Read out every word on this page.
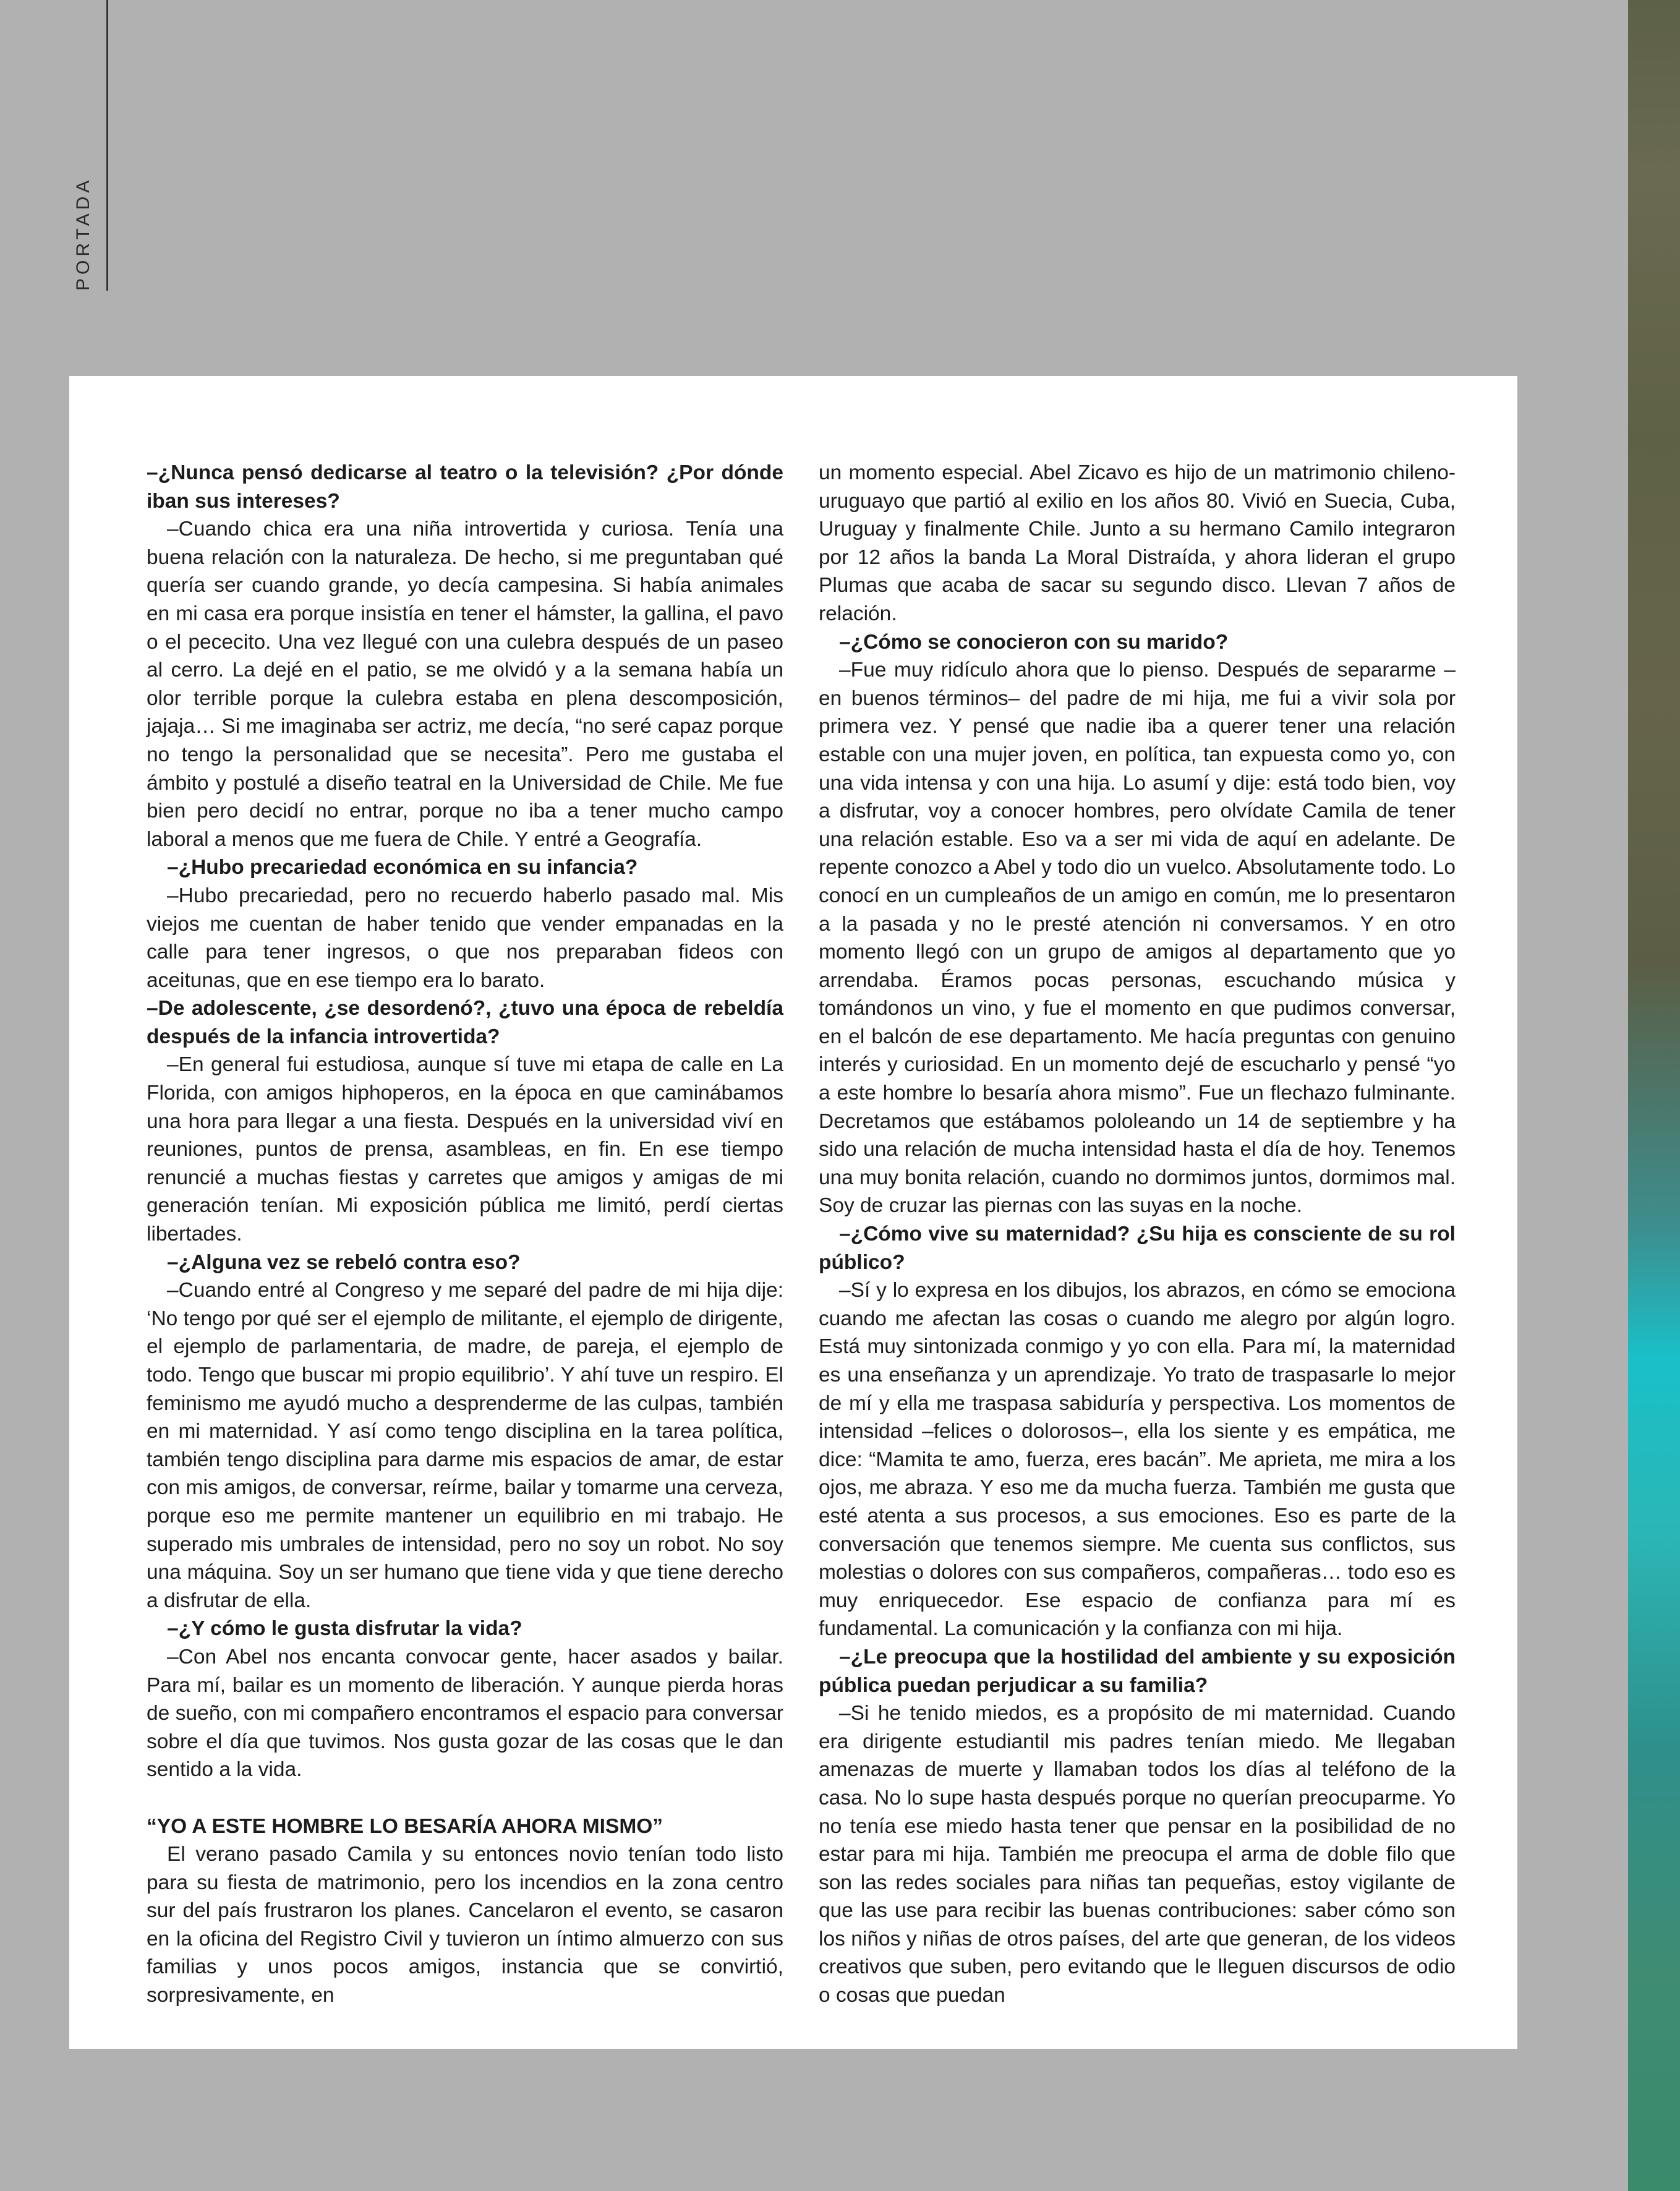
PORTADA

–¿Nunca pensó dedicarse al teatro o la televisión? ¿Por dónde iban sus intereses?

–Cuando chica era una niña introvertida y curiosa. Tenía una buena relación con la naturaleza. De hecho, si me preguntaban qué quería ser cuando grande, yo decía campesina. Si había animales en mi casa era porque insistía en tener el hámster, la gallina, el pavo o el pececito. Una vez llegué con una culebra después de un paseo al cerro. La dejé en el patio, se me olvidó y a la semana había un olor terrible porque la culebra estaba en plena descomposición, jajaja… Si me imaginaba ser actriz, me decía, “no seré capaz porque no tengo la personalidad que se necesita”. Pero me gustaba el ámbito y postulé a diseño teatral en la Universidad de Chile. Me fue bien pero decidí no entrar, porque no iba a tener mucho campo laboral a menos que me fuera de Chile. Y entré a Geografía.

–¿Hubo precariedad económica en su infancia?

–Hubo precariedad, pero no recuerdo haberlo pasado mal. Mis viejos me cuentan de haber tenido que vender empanadas en la calle para tener ingresos, o que nos preparaban fideos con aceitunas, que en ese tiempo era lo barato.

–De adolescente, ¿se desordenó?, ¿tuvo una época de rebeldía después de la infancia introvertida?

–En general fui estudiosa, aunque sí tuve mi etapa de calle en La Florida, con amigos hiphoperos, en la época en que caminábamos una hora para llegar a una fiesta. Después en la universidad viví en reuniones, puntos de prensa, asambleas, en fin. En ese tiempo renuncié a muchas fiestas y carretes que amigos y amigas de mi generación tenían. Mi exposición pública me limitó, perdí ciertas libertades.

–¿Alguna vez se rebeló contra eso?

–Cuando entré al Congreso y me separé del padre de mi hija dije: ‘No tengo por qué ser el ejemplo de militante, el ejemplo de dirigente, el ejemplo de parlamentaria, de madre, de pareja, el ejemplo de todo. Tengo que buscar mi propio equilibrio’. Y ahí tuve un respiro. El feminismo me ayudó mucho a desprenderme de las culpas, también en mi maternidad. Y así como tengo disciplina en la tarea política, también tengo disciplina para darme mis espacios de amar, de estar con mis amigos, de conversar, reírme, bailar y tomarme una cerveza, porque eso me permite mantener un equilibrio en mi trabajo. He superado mis umbrales de intensidad, pero no soy un robot. No soy una máquina. Soy un ser humano que tiene vida y que tiene derecho a disfrutar de ella.

–¿Y cómo le gusta disfrutar la vida?

–Con Abel nos encanta convocar gente, hacer asados y bailar. Para mí, bailar es un momento de liberación. Y aunque pierda horas de sueño, con mi compañero encontramos el espacio para conversar sobre el día que tuvimos. Nos gusta gozar de las cosas que le dan sentido a la vida.

“YO A ESTE HOMBRE LO BESARÍA AHORA MISMO”

El verano pasado Camila y su entonces novio tenían todo listo para su fiesta de matrimonio, pero los incendios en la zona centro sur del país frustraron los planes. Cancelaron el evento, se casaron en la oficina del Registro Civil y tuvieron un íntimo almuerzo con sus familias y unos pocos amigos, instancia que se convirtió, sorpresivamente, en

un momento especial. Abel Zicavo es hijo de un matrimonio chileno-uruguayo que partió al exilio en los años 80. Vivió en Suecia, Cuba, Uruguay y finalmente Chile. Junto a su hermano Camilo integraron por 12 años la banda La Moral Distraída, y ahora lideran el grupo Plumas que acaba de sacar su segundo disco. Llevan 7 años de relación.

–¿Cómo se conocieron con su marido?

–Fue muy ridículo ahora que lo pienso. Después de separarme –en buenos términos– del padre de mi hija, me fui a vivir sola por primera vez. Y pensé que nadie iba a querer tener una relación estable con una mujer joven, en política, tan expuesta como yo, con una vida intensa y con una hija. Lo asumí y dije: está todo bien, voy a disfrutar, voy a conocer hombres, pero olvídate Camila de tener una relación estable. Eso va a ser mi vida de aquí en adelante. De repente conozco a Abel y todo dio un vuelco. Absolutamente todo. Lo conocí en un cumpleaños de un amigo en común, me lo presentaron a la pasada y no le presté atención ni conversamos. Y en otro momento llegó con un grupo de amigos al departamento que yo arrendaba. Éramos pocas personas, escuchando música y tomándonos un vino, y fue el momento en que pudimos conversar, en el balcón de ese departamento. Me hacía preguntas con genuino interés y curiosidad. En un momento dejé de escucharlo y pensé “yo a este hombre lo besaría ahora mismo”. Fue un flechazo fulminante. Decretamos que estábamos pololeando un 14 de septiembre y ha sido una relación de mucha intensidad hasta el día de hoy. Tenemos una muy bonita relación, cuando no dormimos juntos, dormimos mal. Soy de cruzar las piernas con las suyas en la noche.

–¿Cómo vive su maternidad? ¿Su hija es consciente de su rol público?

–Sí y lo expresa en los dibujos, los abrazos, en cómo se emociona cuando me afectan las cosas o cuando me alegro por algún logro. Está muy sintonizada conmigo y yo con ella. Para mí, la maternidad es una enseñanza y un aprendizaje. Yo trato de traspasarle lo mejor de mí y ella me traspasa sabiduría y perspectiva. Los momentos de intensidad –felices o dolorosos–, ella los siente y es empática, me dice: “Mamita te amo, fuerza, eres bacán”. Me aprieta, me mira a los ojos, me abraza. Y eso me da mucha fuerza. También me gusta que esté atenta a sus procesos, a sus emociones. Eso es parte de la conversación que tenemos siempre. Me cuenta sus conflictos, sus molestias o dolores con sus compañeros, compañeras… todo eso es muy enriquecedor. Ese espacio de confianza para mí es fundamental. La comunicación y la confianza con mi hija.

–¿Le preocupa que la hostilidad del ambiente y su exposición pública puedan perjudicar a su familia?

–Si he tenido miedos, es a propósito de mi maternidad. Cuando era dirigente estudiantil mis padres tenían miedo. Me llegaban amenazas de muerte y llamaban todos los días al teléfono de la casa. No lo supe hasta después porque no querían preocuparme. Yo no tenía ese miedo hasta tener que pensar en la posibilidad de no estar para mi hija. También me preocupa el arma de doble filo que son las redes sociales para niñas tan pequeñas, estoy vigilante de que las use para recibir las buenas contribuciones: saber cómo son los niños y niñas de otros países, del arte que generan, de los videos creativos que suben, pero evitando que le lleguen discursos de odio o cosas que puedan
